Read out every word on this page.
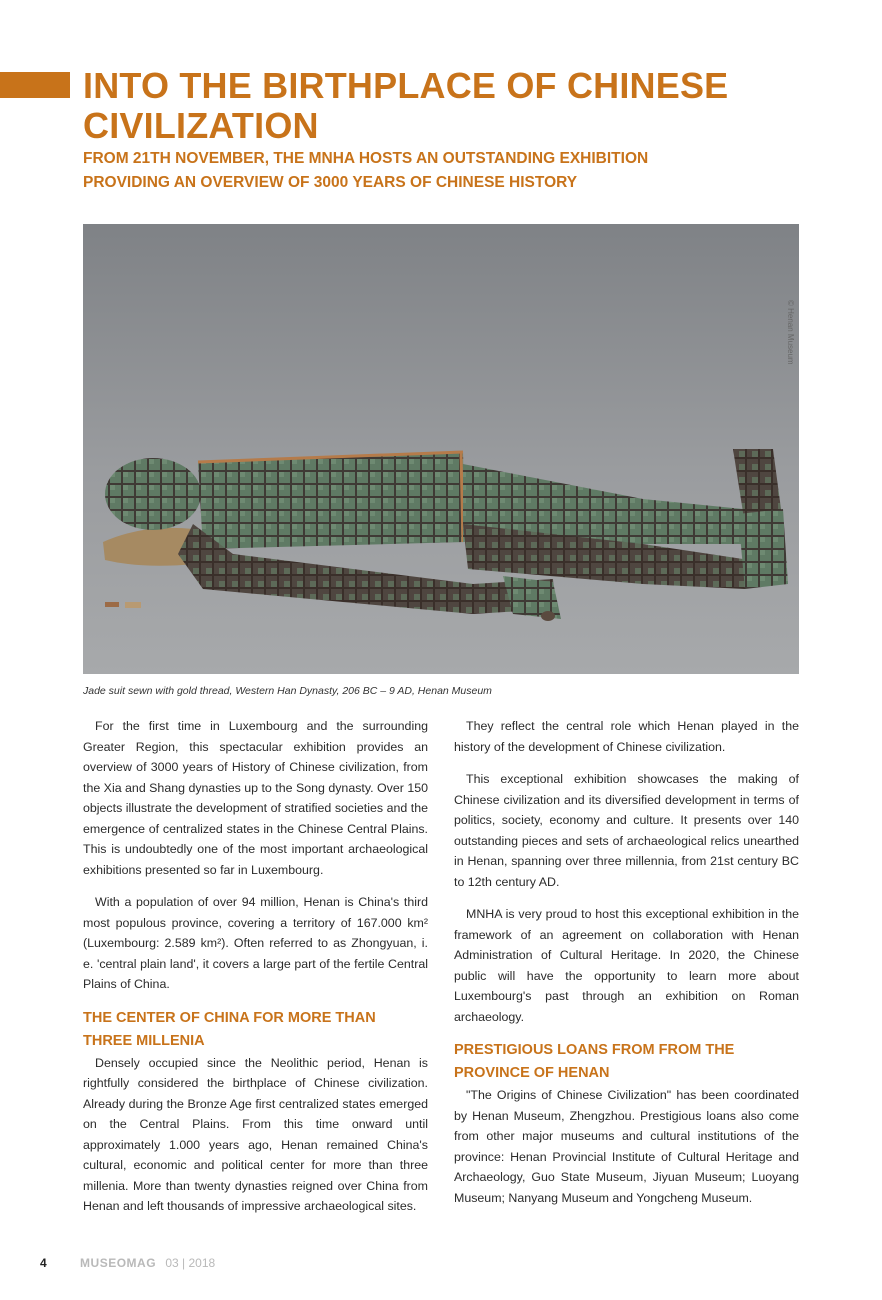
INTO THE BIRTHPLACE OF CHINESE CIVILIZATION
FROM 21TH NOVEMBER, THE MNHA HOSTS AN OUTSTANDING EXHIBITION
PROVIDING AN OVERVIEW OF 3000 YEARS OF CHINESE HISTORY
© Henan Museum
Jade suit sewn with gold thread, Western Han Dynasty, 206 BC – 9 AD, Henan Museum

For the first time in Luxembourg and the surrounding Greater Region, this spectacular exhibition provides an overview of 3000 years of History of Chinese civilization, from the Xia and Shang dynasties up to the Song dynasty. Over 150 objects illustrate the development of stratified societies and the emergence of centralized states in the Chinese Central Plains. This is undoubtedly one of the most important archaeological exhibitions presented so far in Luxembourg.

With a population of over 94 million, Henan is China's third most populous province, covering a territory of 167.000 km² (Luxembourg: 2.589 km²). Often referred to as Zhongyuan, i. e. 'central plain land', it covers a large part of the fertile Central Plains of China.

THE CENTER OF CHINA FOR MORE THAN THREE MILLENIA

Densely occupied since the Neolithic period, Henan is rightfully considered the birthplace of Chinese civilization. Already during the Bronze Age first centralized states emerged on the Central Plains. From this time onward until approximately 1.000 years ago, Henan remained China's cultural, economic and political center for more than three millenia. More than twenty dynasties reigned over China from Henan and left thousands of impressive archaeological sites.

They reflect the central role which Henan played in the history of the development of Chinese civilization.

This exceptional exhibition showcases the making of Chinese civilization and its diversified development in terms of politics, society, economy and culture. It presents over 140 outstanding pieces and sets of archaeological relics unearthed in Henan, spanning over three millennia, from 21st century BC to 12th century AD.

MNHA is very proud to host this exceptional exhibition in the framework of an agreement on collaboration with Henan Administration of Cultural Heritage. In 2020, the Chinese public will have the opportunity to learn more about Luxembourg's past through an exhibition on Roman archaeology.

PRESTIGIOUS LOANS FROM FROM THE PROVINCE OF HENAN

"The Origins of Chinese Civilization" has been coordinated by Henan Museum, Zhengzhou. Prestigious loans also come from other major museums and cultural institutions of the province: Henan Provincial Institute of Cultural Heritage and Archaeology, Guo State Museum, Jiyuan Museum; Luoyang Museum; Nanyang Museum and Yongcheng Museum.

4	MUSEOMAG 03 | 2018
